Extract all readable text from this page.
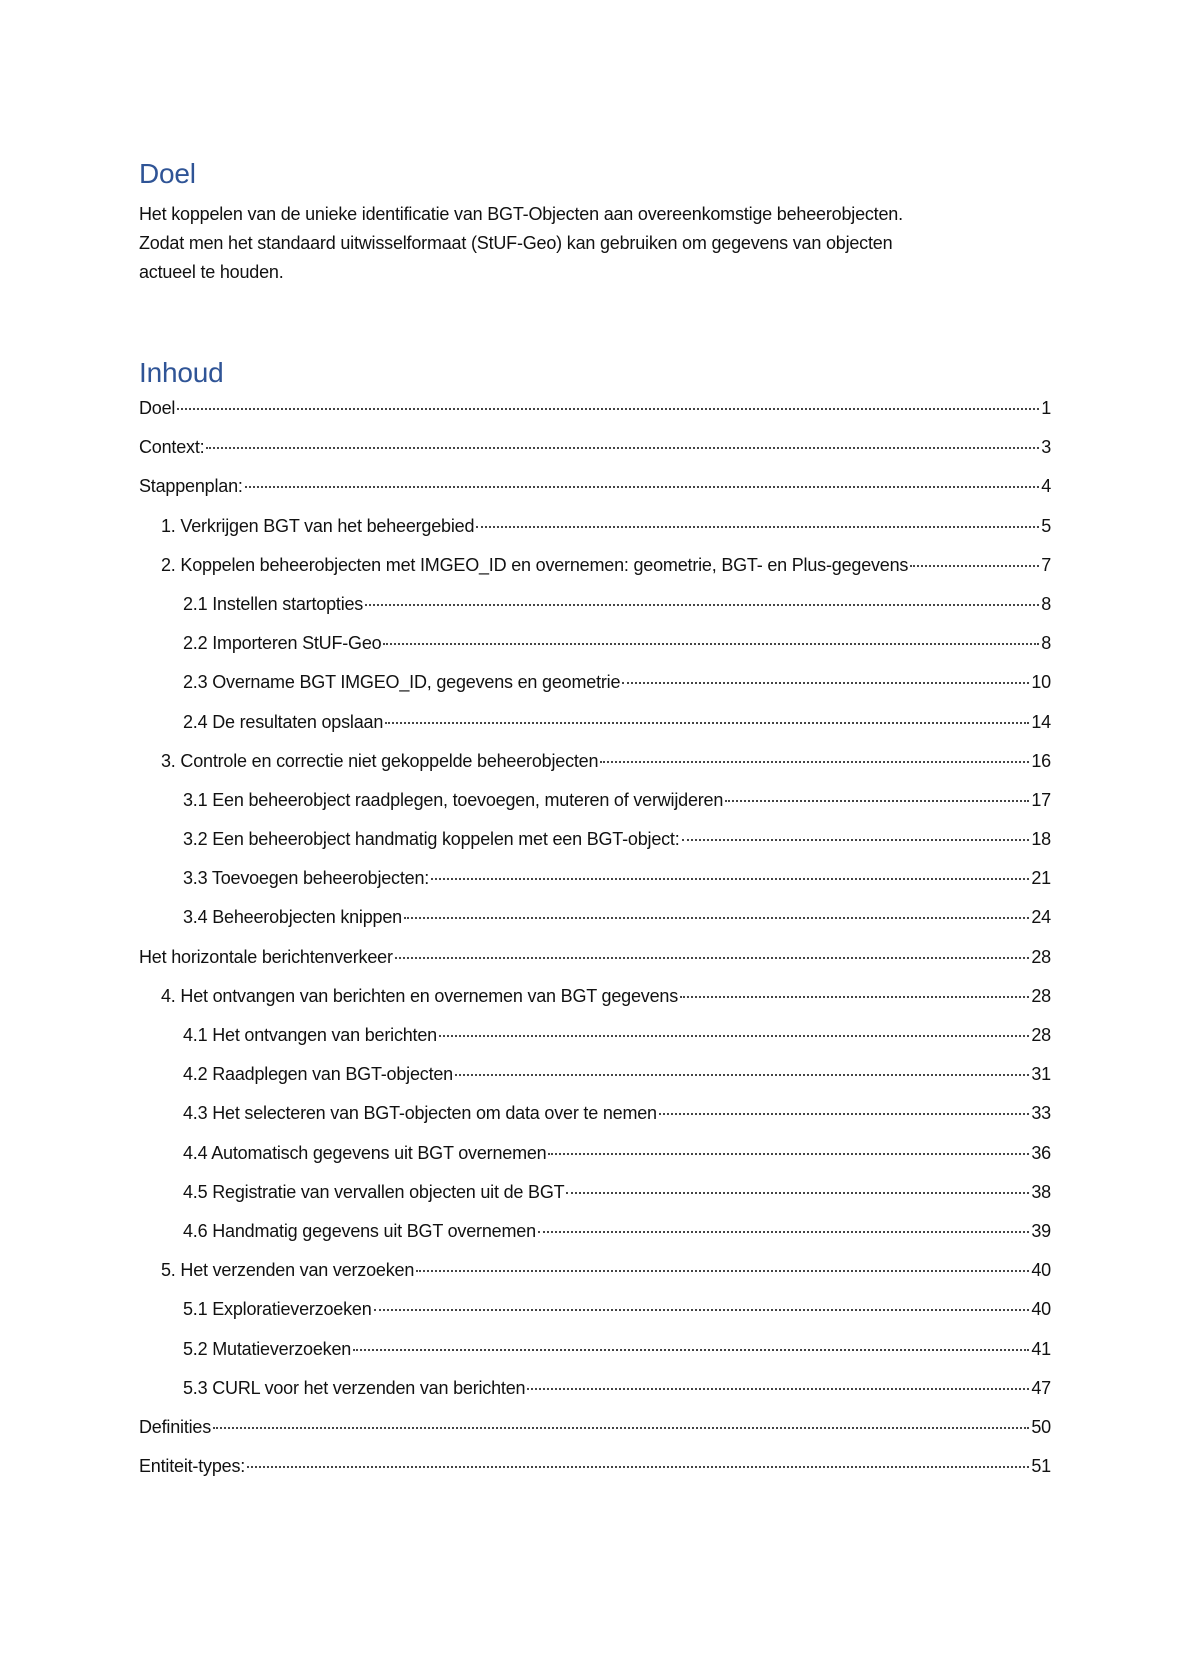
Doel

Het koppelen van de unieke identificatie van BGT-Objecten aan overeenkomstige beheerobjecten.
Zodat men het standaard uitwisselformaat (StUF-Geo) kan gebruiken om gegevens van objecten
actueel te houden.

Inhoud
Doel	1
Context:	3
Stappenplan:	4
1. Verkrijgen BGT van het beheergebied	5
2. Koppelen beheerobjecten met IMGEO_ID en overnemen: geometrie, BGT- en Plus-gegevens	7
2.1 Instellen startopties	8
2.2 Importeren StUF-Geo	8
2.3 Overname BGT IMGEO_ID, gegevens en geometrie	10
2.4 De resultaten opslaan	14
3. Controle en correctie niet gekoppelde beheerobjecten	16
3.1 Een beheerobject raadplegen, toevoegen, muteren of verwijderen	17
3.2 Een beheerobject handmatig koppelen met een BGT-object:	18
3.3 Toevoegen beheerobjecten:	21
3.4 Beheerobjecten knippen	24
Het horizontale berichtenverkeer	28
4. Het ontvangen van berichten en overnemen van BGT gegevens	28
4.1 Het ontvangen van berichten	28
4.2 Raadplegen van BGT-objecten	31
4.3 Het selecteren van BGT-objecten om data over te nemen	33
4.4 Automatisch gegevens uit BGT overnemen	36
4.5 Registratie van vervallen objecten uit de BGT	38
4.6 Handmatig gegevens uit BGT overnemen	39
5. Het verzenden van verzoeken	40
5.1 Exploratieverzoeken	40
5.2 Mutatieverzoeken	41
5.3 CURL voor het verzenden van berichten	47
Definities	50
Entiteit-types:	51
